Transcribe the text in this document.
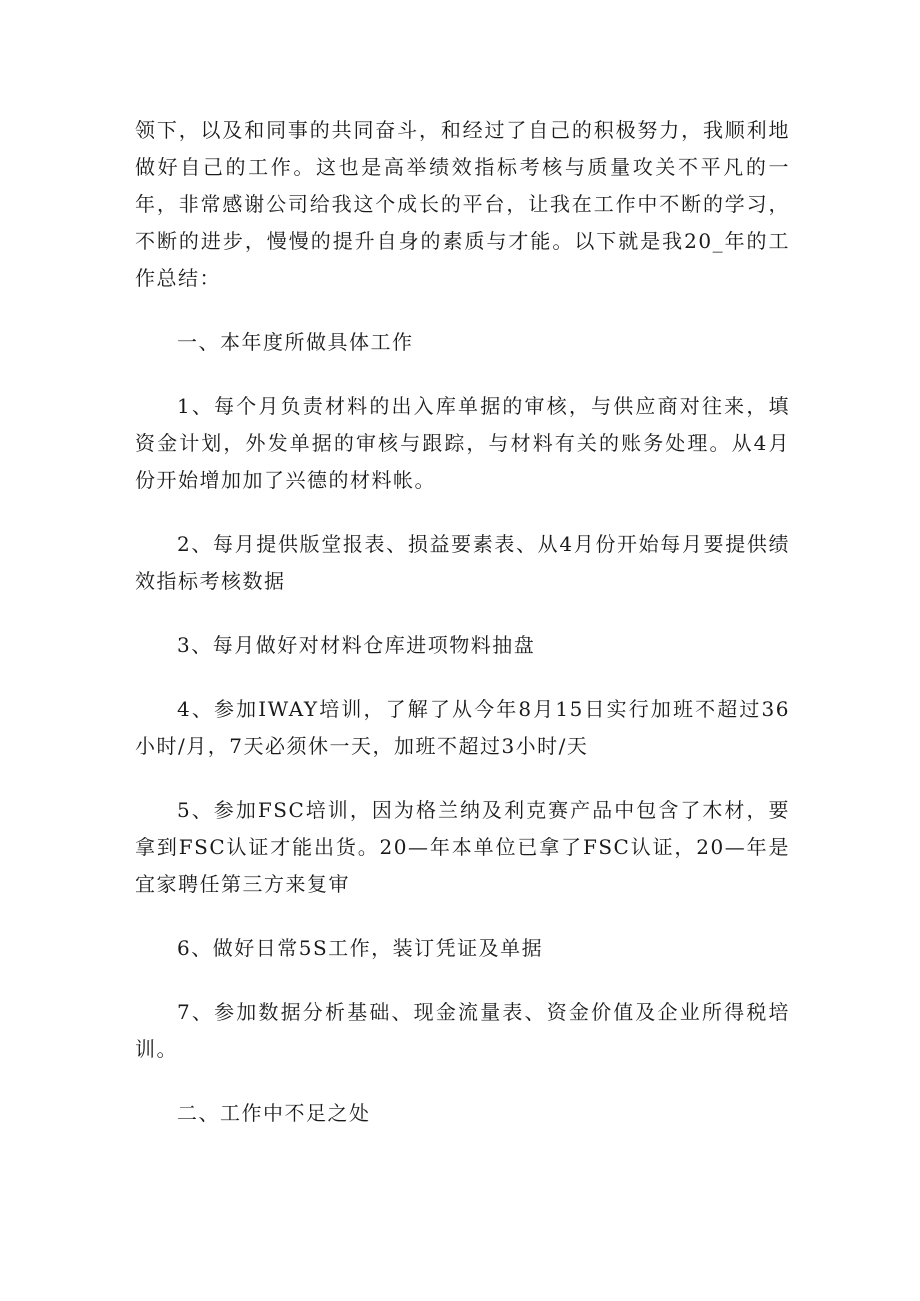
领下，以及和同事的共同奋斗，和经过了自己的积极努力，我顺利地做好自己的工作。这也是高举绩效指标考核与质量攻关不平凡的一年，非常感谢公司给我这个成长的平台，让我在工作中不断的学习，不断的进步，慢慢的提升自身的素质与才能。以下就是我20_年的工作总结：

一、本年度所做具体工作

1、每个月负责材料的出入库单据的审核，与供应商对往来，填资金计划，外发单据的审核与跟踪，与材料有关的账务处理。从4月份开始增加加了兴德的材料帐。

2、每月提供版堂报表、损益要素表、从4月份开始每月要提供绩效指标考核数据

3、每月做好对材料仓库进项物料抽盘

4、参加IWAY培训，了解了从今年8月15日实行加班不超过36小时/月，7天必须休一天，加班不超过3小时/天

5、参加FSC培训，因为格兰纳及利克赛产品中包含了木材，要拿到FSC认证才能出货。20—年本单位已拿了FSC认证，20—年是宜家聘任第三方来复审

6、做好日常5S工作，装订凭证及单据

7、参加数据分析基础、现金流量表、资金价值及企业所得税培训。

二、工作中不足之处
